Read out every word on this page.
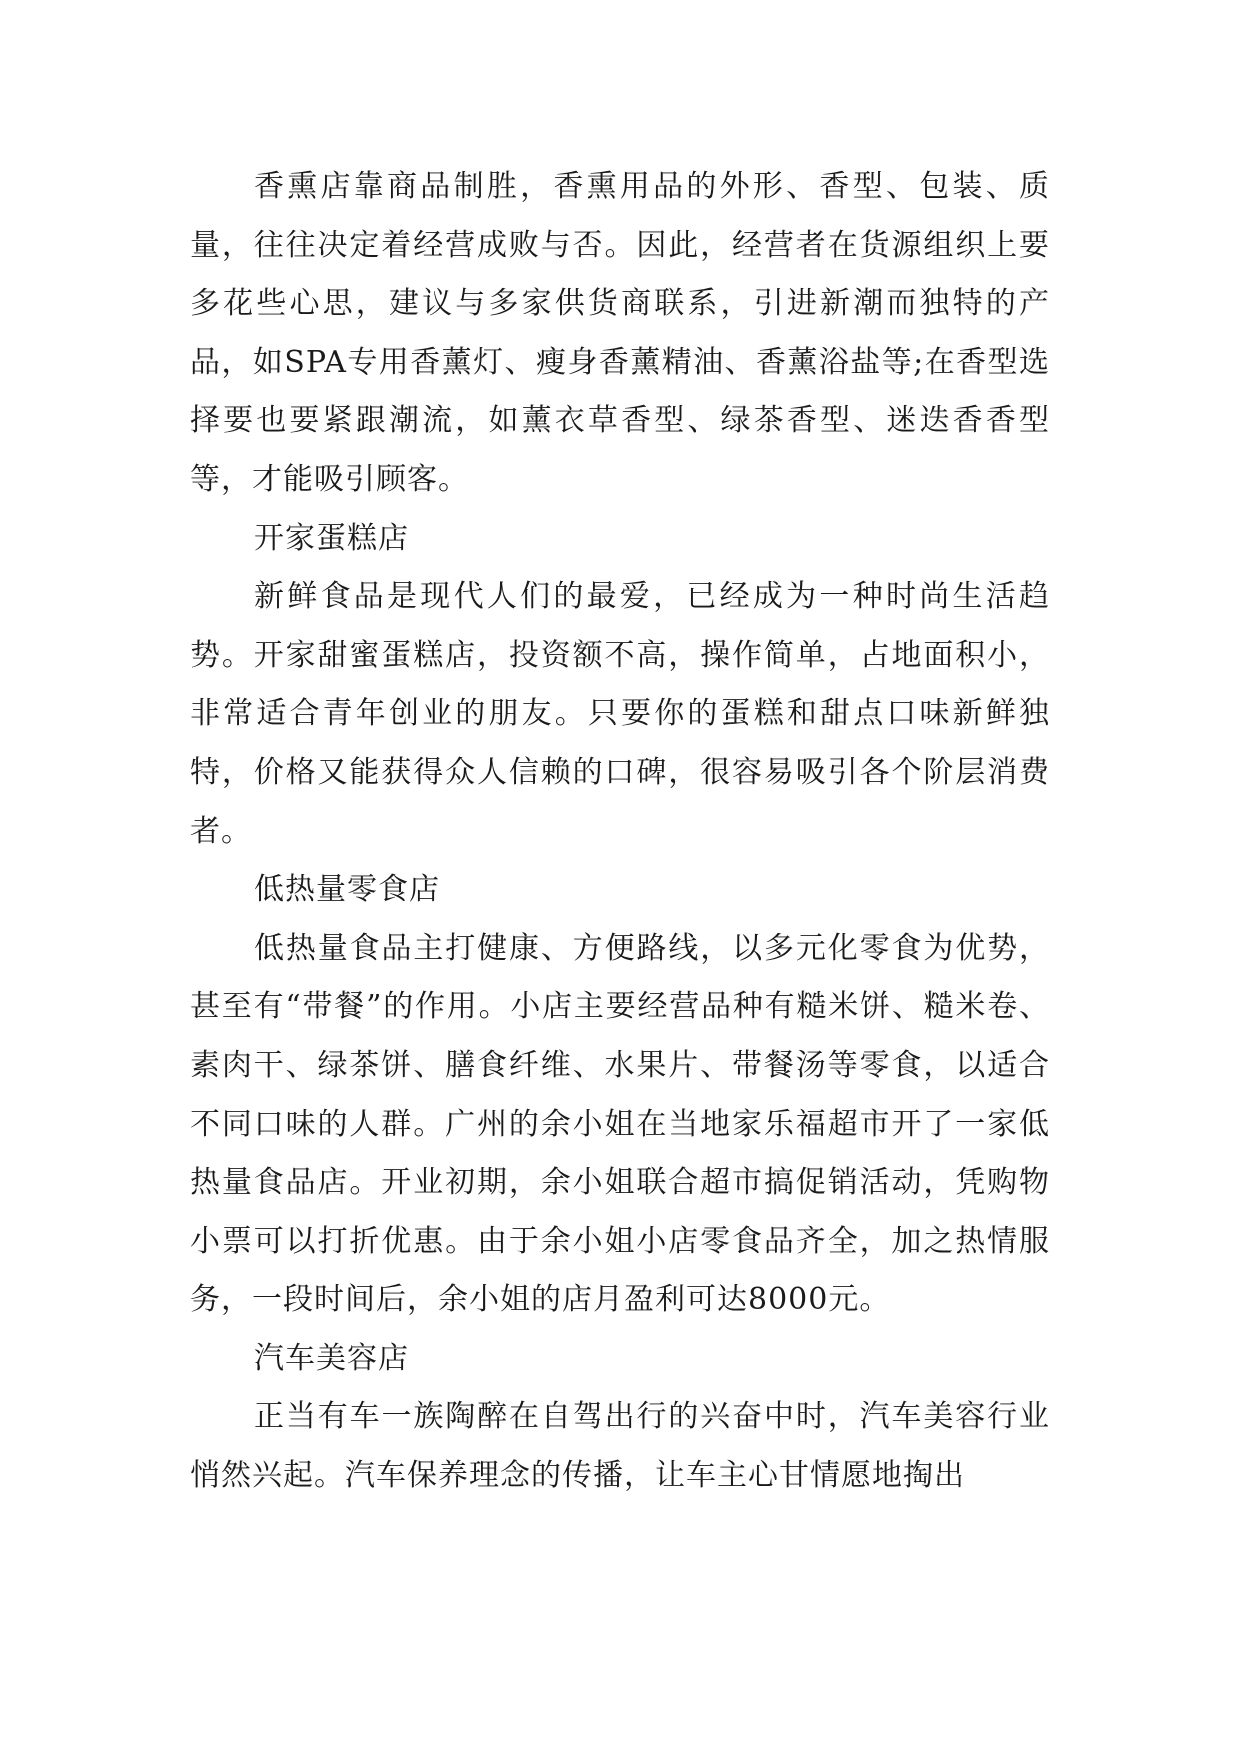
香熏店靠商品制胜，香熏用品的外形、香型、包装、质量，往往决定着经营成败与否。因此，经营者在货源组织上要多花些心思，建议与多家供货商联系，引进新潮而独特的产品，如SPA专用香薰灯、瘦身香薰精油、香薰浴盐等;在香型选择要也要紧跟潮流，如薰衣草香型、绿茶香型、迷迭香香型等，才能吸引顾客。

开家蛋糕店

新鲜食品是现代人们的最爱，已经成为一种时尚生活趋势。开家甜蜜蛋糕店，投资额不高，操作简单，占地面积小，非常适合青年创业的朋友。只要你的蛋糕和甜点口味新鲜独特，价格又能获得众人信赖的口碑，很容易吸引各个阶层消费者。

低热量零食店

低热量食品主打健康、方便路线，以多元化零食为优势，甚至有“带餐”的作用。小店主要经营品种有糙米饼、糙米卷、素肉干、绿茶饼、膳食纤维、水果片、带餐汤等零食，以适合不同口味的人群。广州的余小姐在当地家乐福超市开了一家低热量食品店。开业初期，余小姐联合超市搞促销活动，凭购物小票可以打折优惠。由于余小姐小店零食品齐全，加之热情服务，一段时间后，余小姐的店月盈利可达8000元。

汽车美容店

正当有车一族陶醉在自驾出行的兴奋中时，汽车美容行业悄然兴起。汽车保养理念的传播，让车主心甘情愿地掏出
